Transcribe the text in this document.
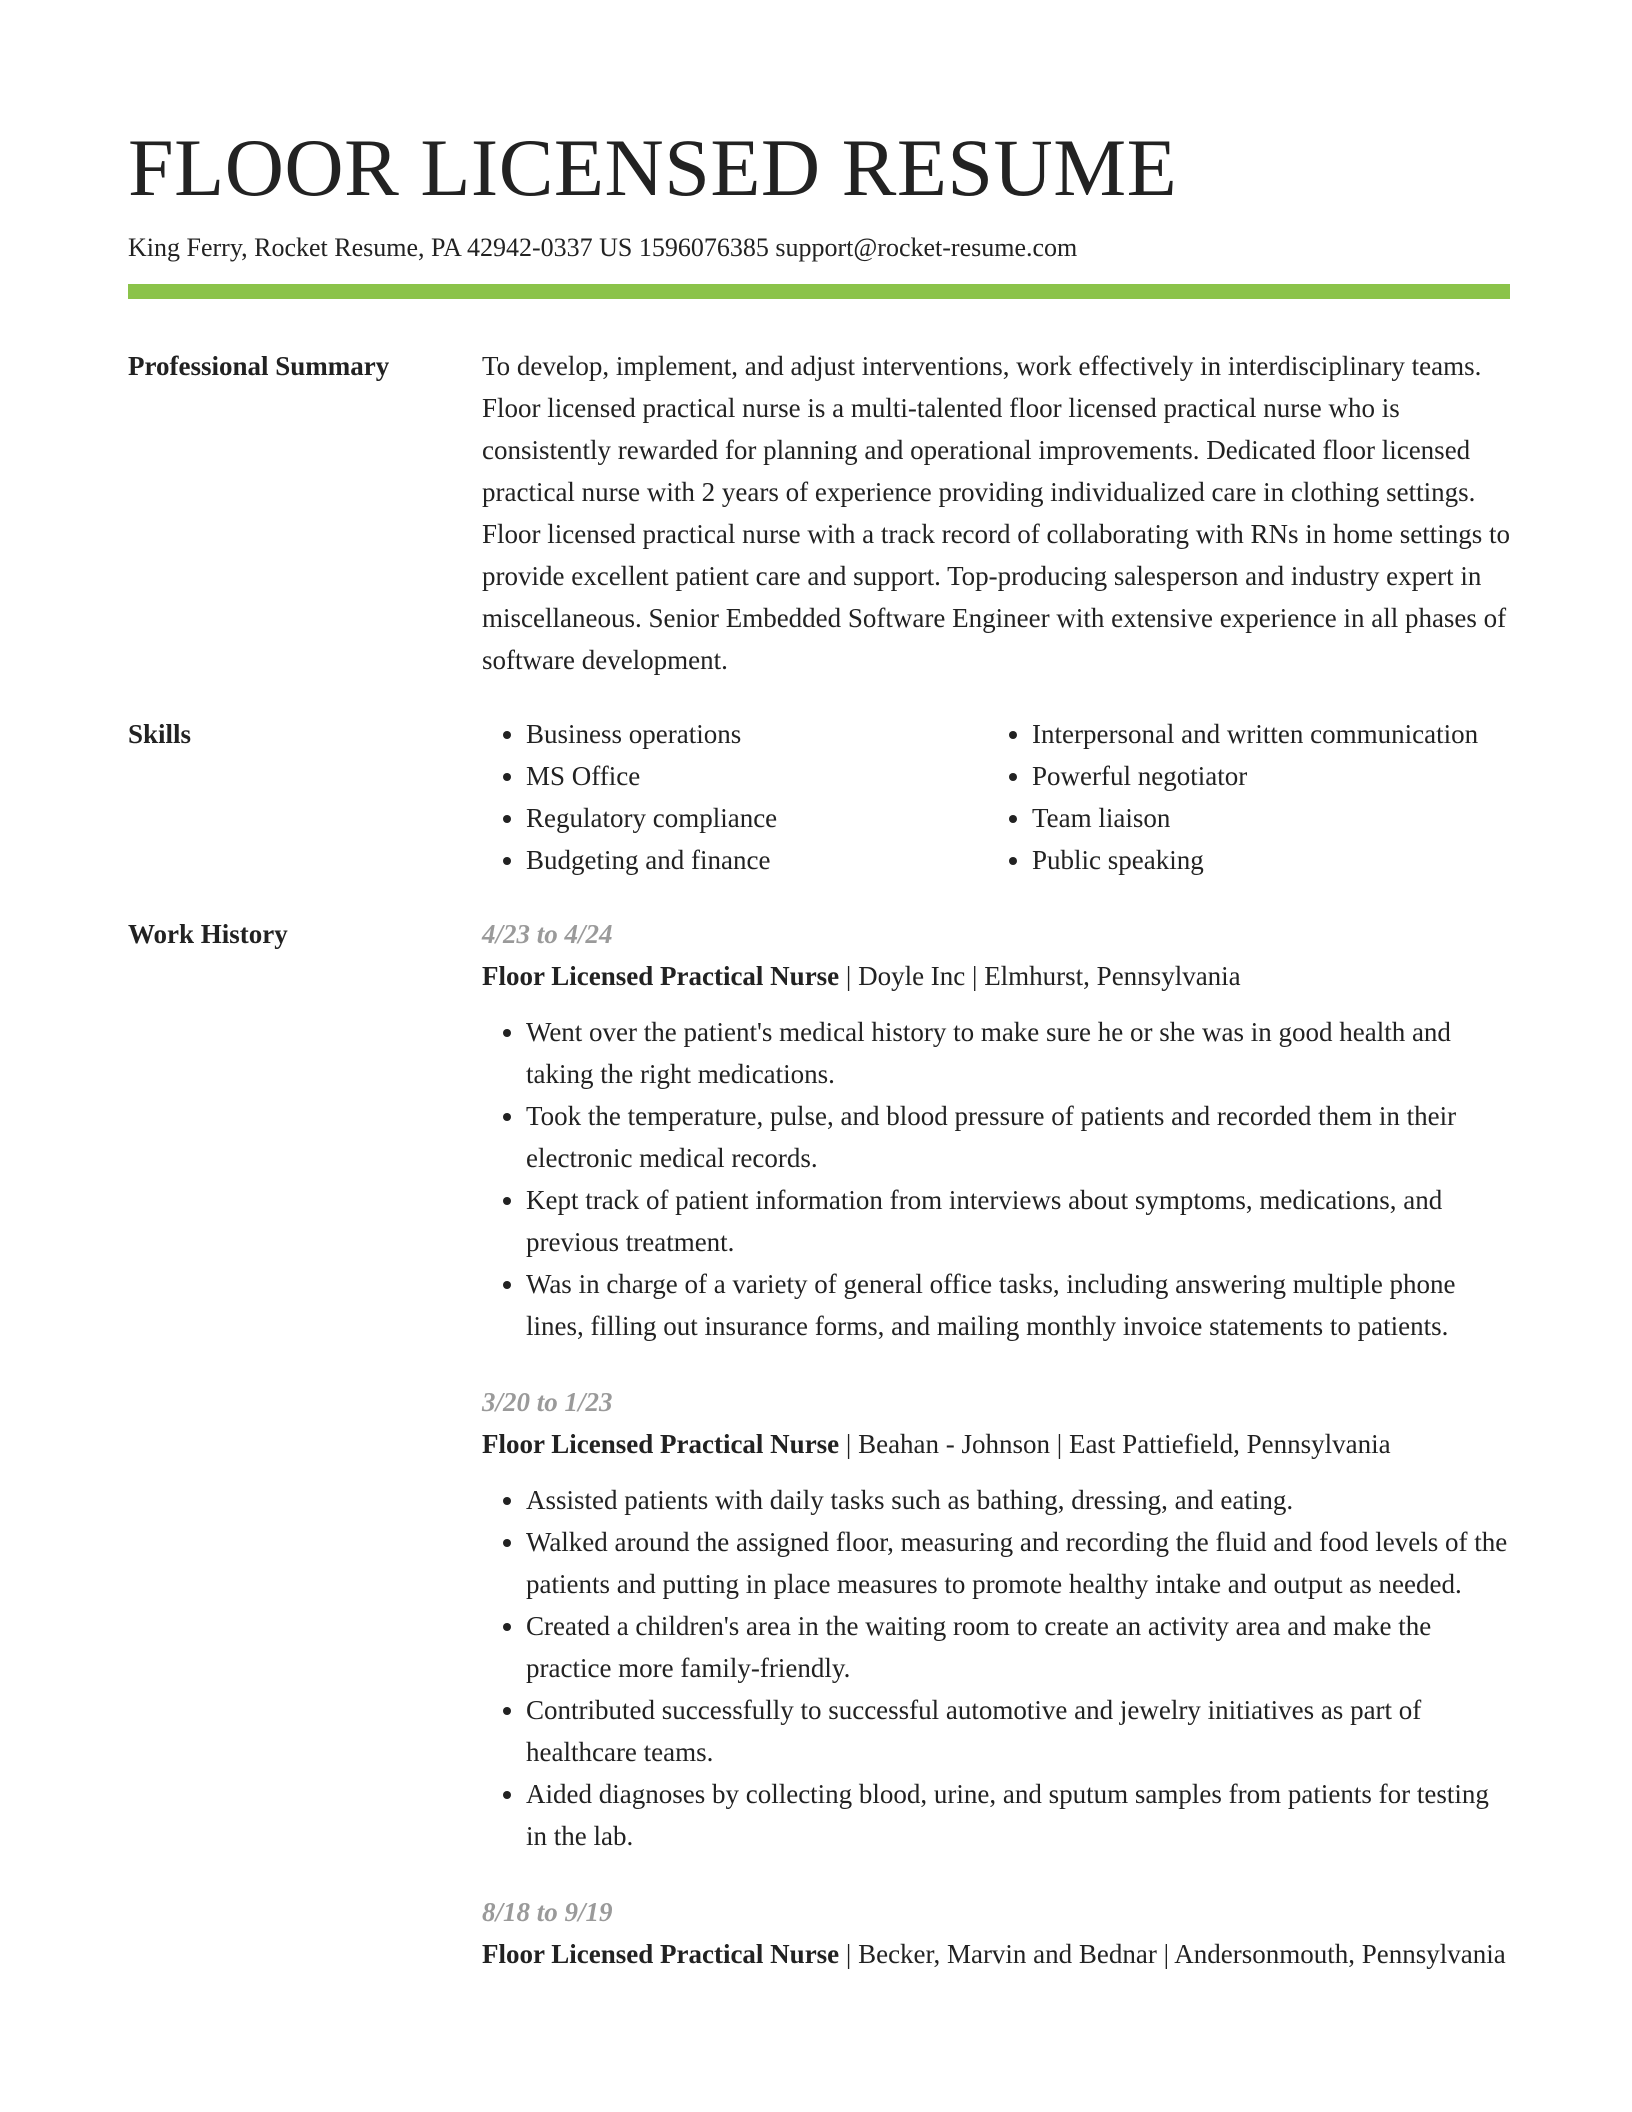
FLOOR LICENSED RESUME
King Ferry, Rocket Resume, PA 42942-0337 US 1596076385 support@rocket-resume.com
Professional Summary	To develop, implement, and adjust interventions, work effectively in interdisciplinary teams. Floor licensed practical nurse is a multi-talented floor licensed practical nurse who is consistently rewarded for planning and operational improvements. Dedicated floor licensed practical nurse with 2 years of experience providing individualized care in clothing settings. Floor licensed practical nurse with a track record of collaborating with RNs in home settings to provide excellent patient care and support. Top-producing salesperson and industry expert in miscellaneous. Senior Embedded Software Engineer with extensive experience in all phases of software development.
Skills
•	Business operations
• MS Office
• Regulatory compliance
• Budgeting and finance
• Interpersonal and written communication
• Powerful negotiator
• Team liaison
• Public speaking
Work History	4/23 to 4/24
Floor Licensed Practical Nurse | Doyle Inc | Elmhurst, Pennsylvania
• Went over the patient's medical history to make sure he or she was in good health and taking the right medications.
• Took the temperature, pulse, and blood pressure of patients and recorded them in their electronic medical records.
• Kept track of patient information from interviews about symptoms, medications, and previous treatment.
• Was in charge of a variety of general office tasks, including answering multiple phone lines, filling out insurance forms, and mailing monthly invoice statements to patients.
3/20 to 1/23
Floor Licensed Practical Nurse | Beahan - Johnson | East Pattiefield, Pennsylvania
• Assisted patients with daily tasks such as bathing, dressing, and eating.
• Walked around the assigned floor, measuring and recording the fluid and food levels of the patients and putting in place measures to promote healthy intake and output as needed.
• Created a children's area in the waiting room to create an activity area and make the practice more family-friendly.
• Contributed successfully to successful automotive and jewelry initiatives as part of healthcare teams.
• Aided diagnoses by collecting blood, urine, and sputum samples from patients for testing in the lab.
8/18 to 9/19
Floor Licensed Practical Nurse | Becker, Marvin and Bednar | Andersonmouth, Pennsylvania
